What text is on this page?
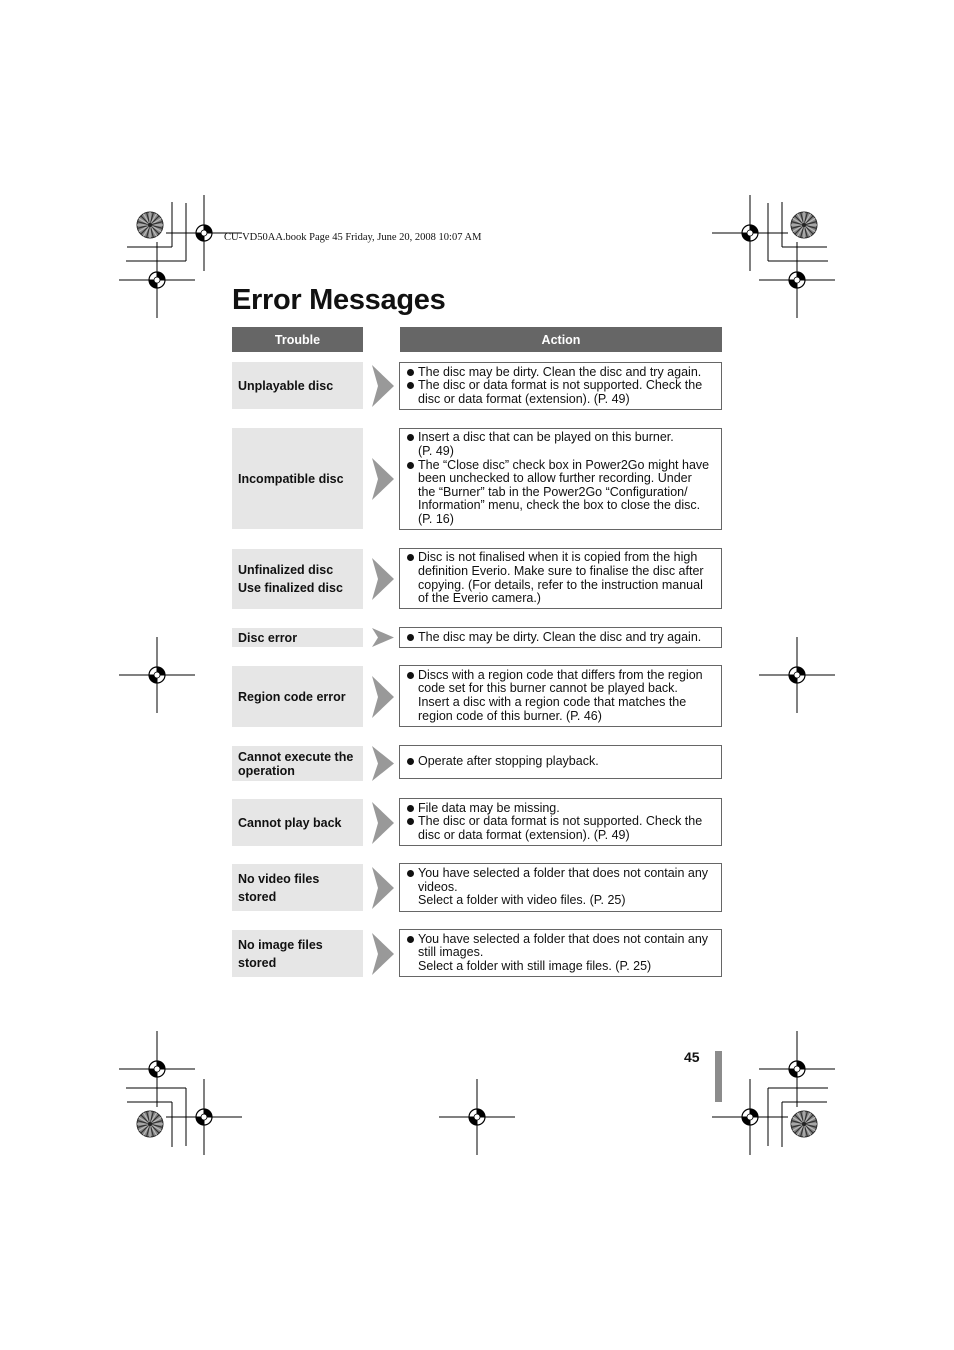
CU-VD50AA.book Page 45 Friday, June 20, 2008 10:07 AM
Error Messages
Trouble	Action
Unplayable disc
The disc may be dirty. Clean the disc and try again.
The disc or data format is not supported. Check the
disc or data format (extension). (P. 49)
Incompatible disc
Insert a disc that can be played on this burner.
(P. 49)
The “Close disc” check box in Power2Go might have
been unchecked to allow further recording. Under
the “Burner” tab in the Power2Go “Configuration/
Information” menu, check the box to close the disc.
(P. 16)
Unfinalized disc
Use finalized disc
Disc is not finalised when it is copied from the high
definition Everio. Make sure to finalise the disc after
copying. (For details, refer to the instruction manual
of the Everio camera.)
Disc error	The disc may be dirty. Clean the disc and try again.
Region code error
Discs with a region code that differs from the region
code set for this burner cannot be played back.
Insert a disc with a region code that matches the
region code of this burner. (P. 46)
Cannot execute the
operation
Operate after stopping playback.
Cannot play back
File data may be missing.
The disc or data format is not supported. Check the
disc or data format (extension). (P. 49)
No video files
stored
You have selected a folder that does not contain any
videos.
Select a folder with video files. (P. 25)
No image files
stored
You have selected a folder that does not contain any
still images.
Select a folder with still image files. (P. 25)
45
